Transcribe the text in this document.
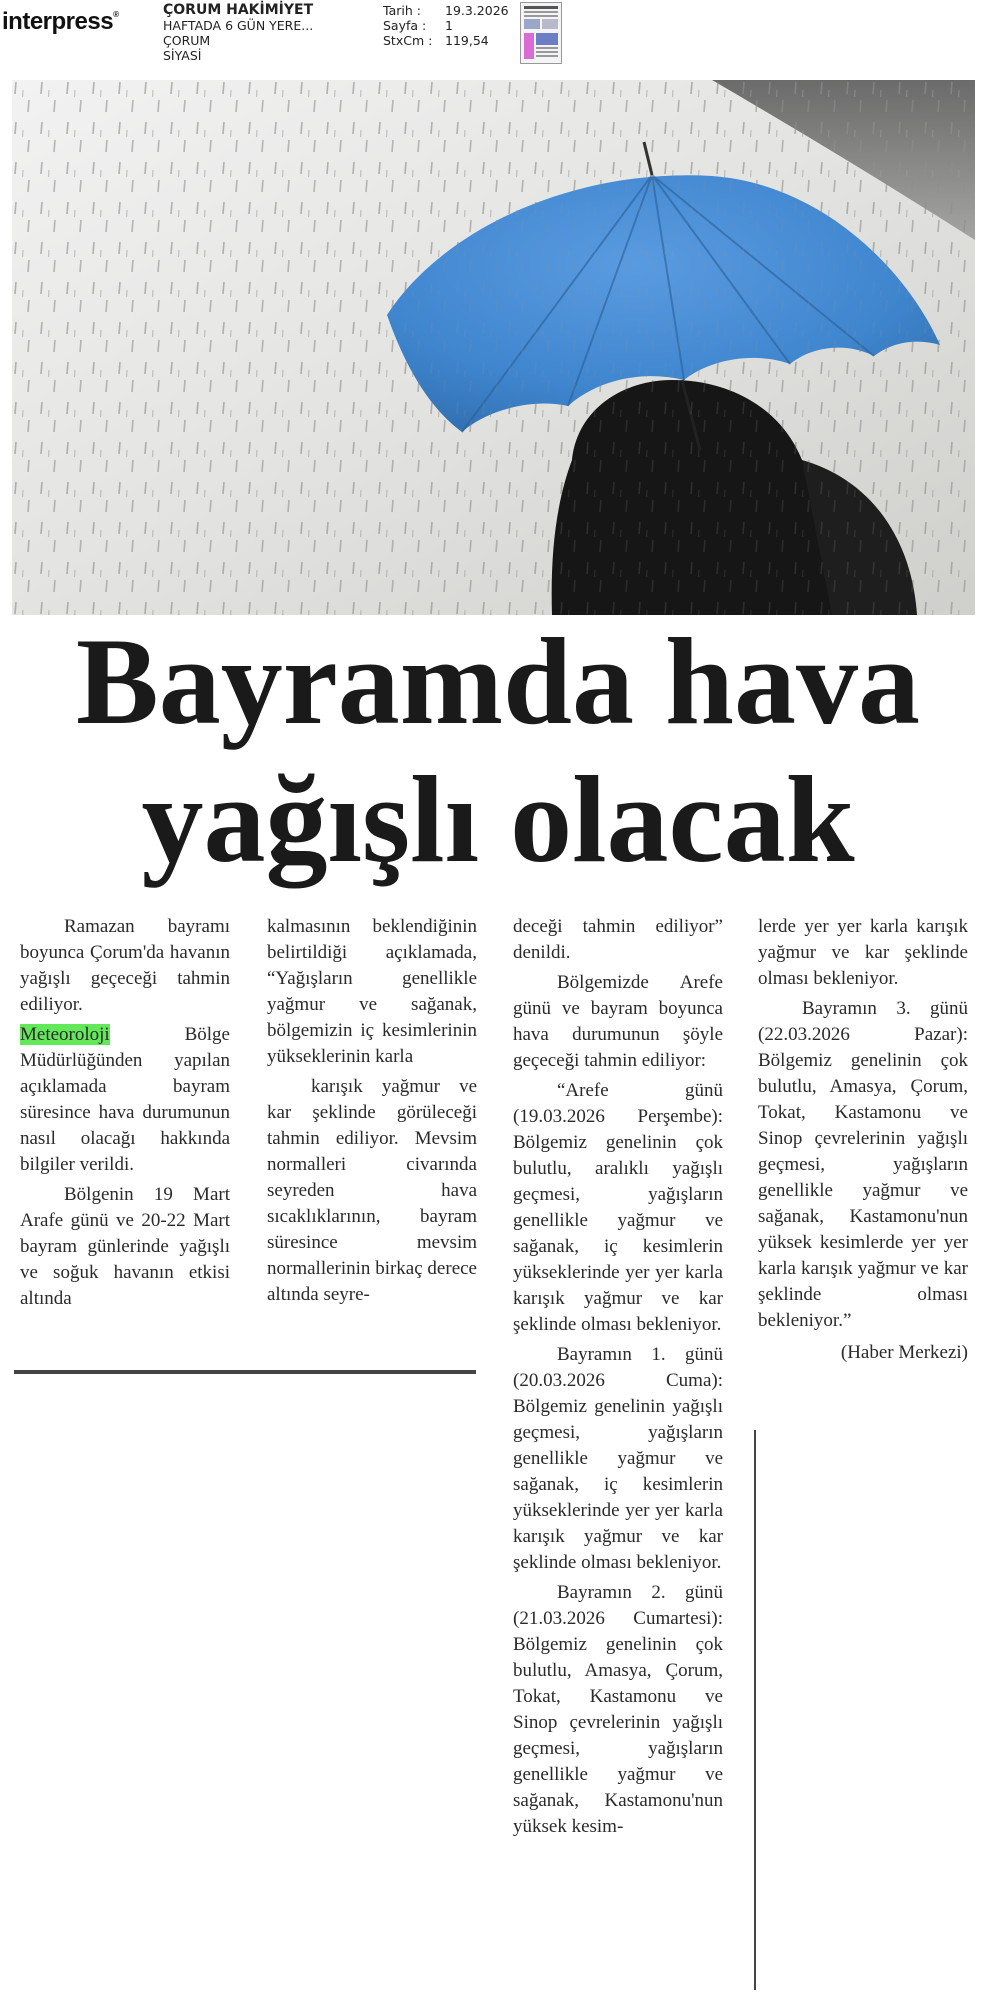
interpress®	ÇORUM HAKİMİYET
HAFTADA 6 GÜN YERE...
ÇORUM
SİYASİ
Tarih : 19.3.2026
Sayfa : 1
StxCm : 119,54
Bayramda hava
yağışlı olacak

Ramazan bayramı boyunca Çorum'da havanın yağışlı geçeceği tahmin ediliyor.

Meteoroloji Bölge Müdürlüğünden yapılan açıklamada bayram süresince hava durumunun nasıl olacağı hakkında bilgiler verildi.

Bölgenin 19 Mart Arafe günü ve 20-22 Mart bayram günlerinde yağışlı ve soğuk havanın etkisi altında

kalmasının beklendiğinin belirtildiği açıklamada, “Yağışların genellikle yağmur ve sağanak, bölgemizin iç kesimlerinin yükseklerinin karla

karışık yağmur ve kar şeklinde görüleceği tahmin ediliyor. Mevsim normalleri civarında seyreden hava sıcaklıklarının, bayram süresince mevsim normallerinin birkaç derece altında seyre-

deceği tahmin ediliyor” denildi.

Bölgemizde Arefe günü ve bayram boyunca hava durumunun şöyle geçeceği tahmin ediliyor:

“Arefe günü (19.03.2026 Perşembe): Bölgemiz genelinin çok bulutlu, aralıklı yağışlı geçmesi, yağışların genellikle yağmur ve sağanak, iç kesimlerin yükseklerinde yer yer karla karışık yağmur ve kar şeklinde olması bekleniyor.

Bayramın 1. günü (20.03.2026 Cuma): Bölgemiz genelinin yağışlı geçmesi, yağışların genellikle yağmur ve sağanak, iç kesimlerin yükseklerinde yer yer karla karışık yağmur ve kar şeklinde olması bekleniyor.

Bayramın 2. günü (21.03.2026 Cumartesi): Bölgemiz genelinin çok bulutlu, Amasya, Çorum, Tokat, Kastamonu ve Sinop çevrelerinin yağışlı geçmesi, yağışların genellikle yağmur ve sağanak, Kastamonu'nun yüksek kesim-

lerde yer yer karla karışık yağmur ve kar şeklinde olması bekleniyor.

Bayramın 3. günü (22.03.2026 Pazar): Bölgemiz genelinin çok bulutlu, Amasya, Çorum, Tokat, Kastamonu ve Sinop çevrelerinin yağışlı geçmesi, yağışların genellikle yağmur ve sağanak, Kastamonu'nun yüksek kesimlerde yer yer karla karışık yağmur ve kar şeklinde olması bekleniyor.”

(Haber Merkezi)
